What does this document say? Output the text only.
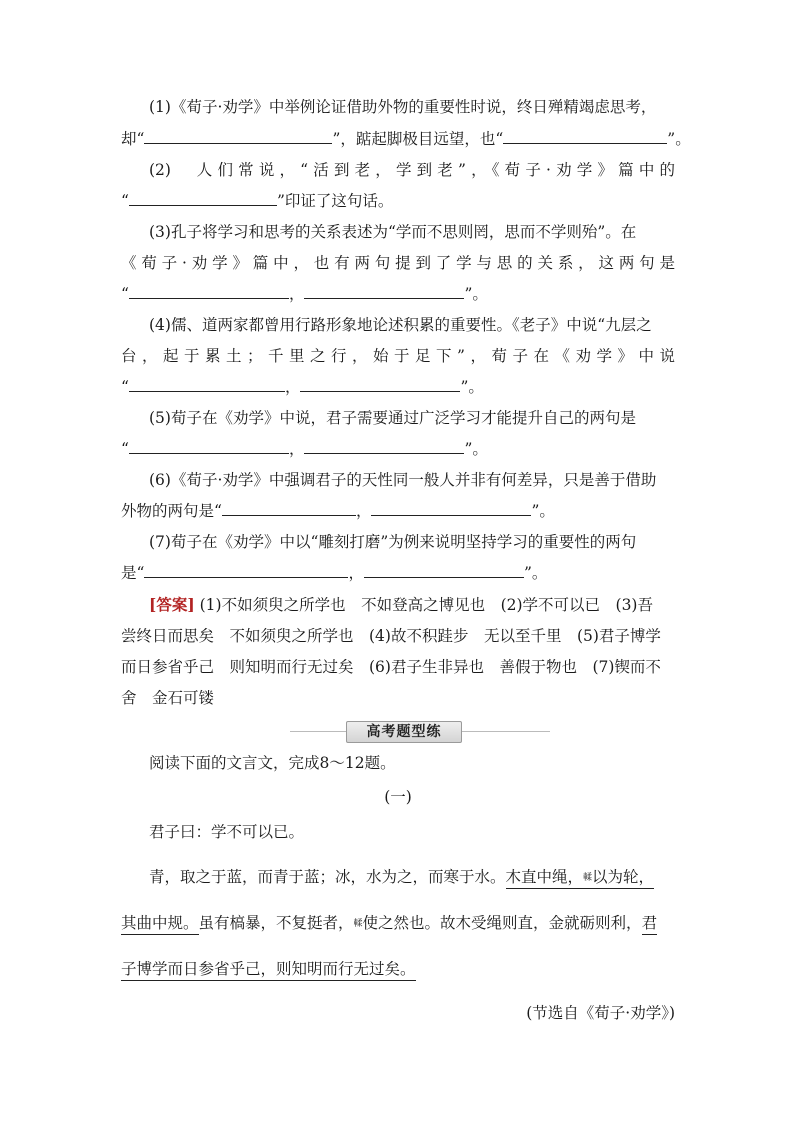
(1)《荀子·劝学》中举例论证借助外物的重要性时说，终日殚精竭虑思考，
却“	”，踮起脚极目远望，也“	”。
(2)　人们常说，“活到老，学到老”，《荀子·劝学》篇中的
“	”印证了这句话。
(3)孔子将学习和思考的关系表述为“学而不思则罔，思而不学则殆”。在
《荀子·劝学》篇中，也有两句提到了学与思的关系，这两句是
“	，	”。
(4)儒、道两家都曾用行路形象地论述积累的重要性。《老子》中说“九层之
台，起于累土；千里之行，始于足下”，荀子在《劝学》中说
“	，	”。
(5)荀子在《劝学》中说，君子需要通过广泛学习才能提升自己的两句是
“	，	”。
(6)《荀子·劝学》中强调君子的天性同一般人并非有何差异，只是善于借助
外物的两句是“	，	”。
(7)荀子在《劝学》中以“雕刻打磨”为例来说明坚持学习的重要性的两句
是“	，	”。
[答案] (1)不如须臾之所学也　不如登高之博见也　(2)学不可以已　(3)吾
尝终日而思矣　不如须臾之所学也　(4)故不积跬步　无以至千里　(5)君子博学
而日参省乎己　则知明而行无过矣　(6)君子生非异也　善假于物也　(7)锲而不
舍　金石可镂
高考题型练
阅读下面的文言文，完成8～12题。
(一)
君子曰：学不可以已。
青，取之于蓝，而青于蓝；冰，水为之，而寒于水。木直中绳，輮以为轮，
其曲中规。虽有槁暴，不复挺者，輮使之然也。故木受绳则直，金就砺则利，君
子博学而日参省乎己，则知明而行无过矣。
(节选自《荀子·劝学》)
